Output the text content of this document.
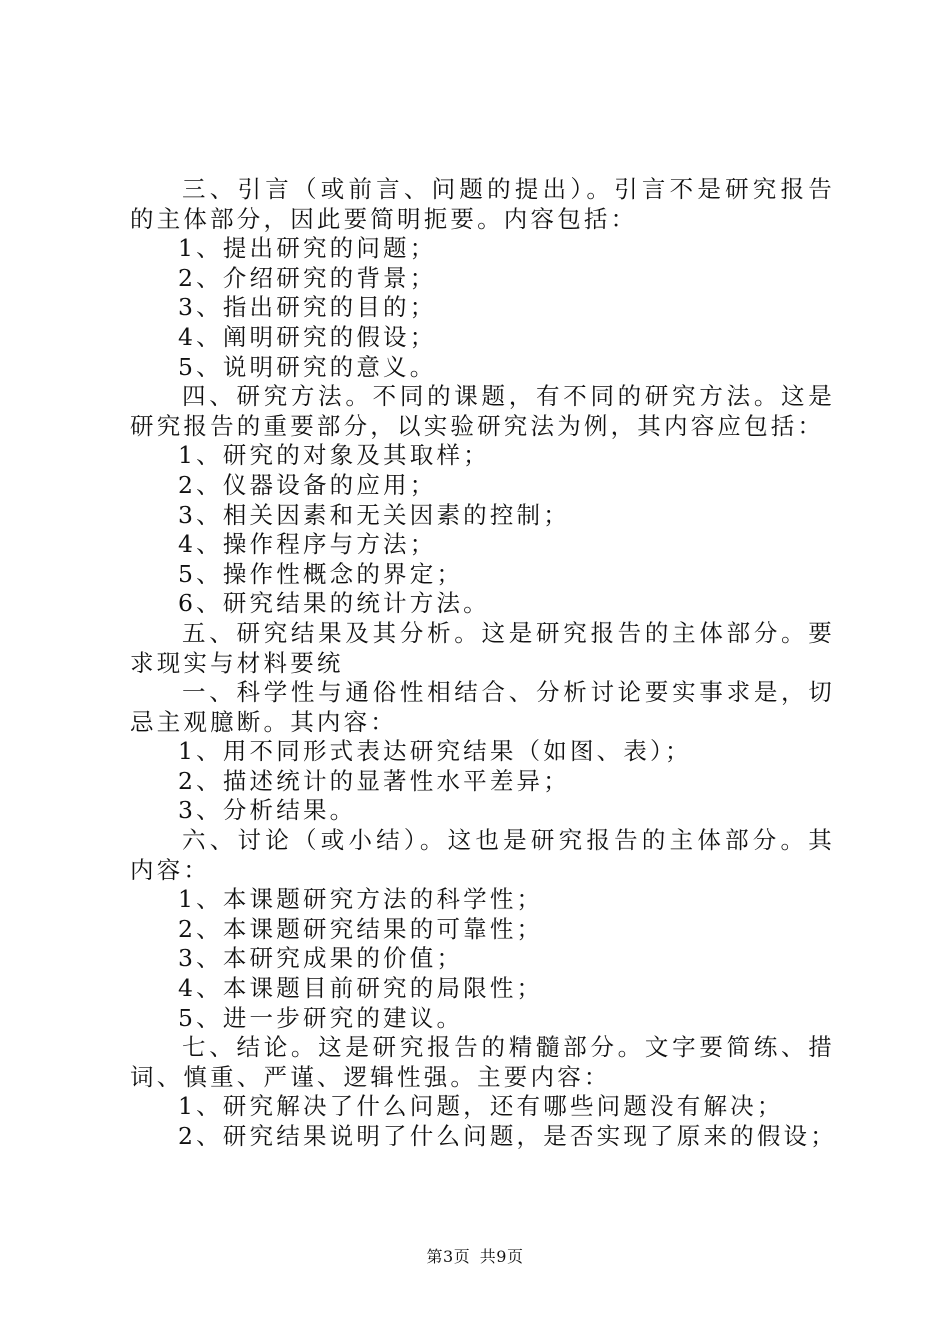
三、引言（或前言、问题的提出）。引言不是研究报告的主体部分，因此要简明扼要。内容包括：

1、提出研究的问题；

2、介绍研究的背景；

3、指出研究的目的；

4、阐明研究的假设；

5、说明研究的意义。

四、研究方法。不同的课题，有不同的研究方法。这是研究报告的重要部分，以实验研究法为例，其内容应包括：

1、研究的对象及其取样；

2、仪器设备的应用；

3、相关因素和无关因素的控制；

4、操作程序与方法；

5、操作性概念的界定；

6、研究结果的统计方法。

五、研究结果及其分析。这是研究报告的主体部分。要求现实与材料要统

一、科学性与通俗性相结合、分析讨论要实事求是，切忌主观臆断。其内容：

1、用不同形式表达研究结果（如图、表）；

2、描述统计的显著性水平差异；

3、分析结果。

六、讨论（或小结）。这也是研究报告的主体部分。其内容：

1、本课题研究方法的科学性；

2、本课题研究结果的可靠性；

3、本研究成果的价值；

4、本课题目前研究的局限性；

5、进一步研究的建议。

七、结论。这是研究报告的精髓部分。文字要简练、措词、慎重、严谨、逻辑性强。主要内容：

1、研究解决了什么问题，还有哪些问题没有解决；

2、研究结果说明了什么问题，是否实现了原来的假设；

第3页 共9页
